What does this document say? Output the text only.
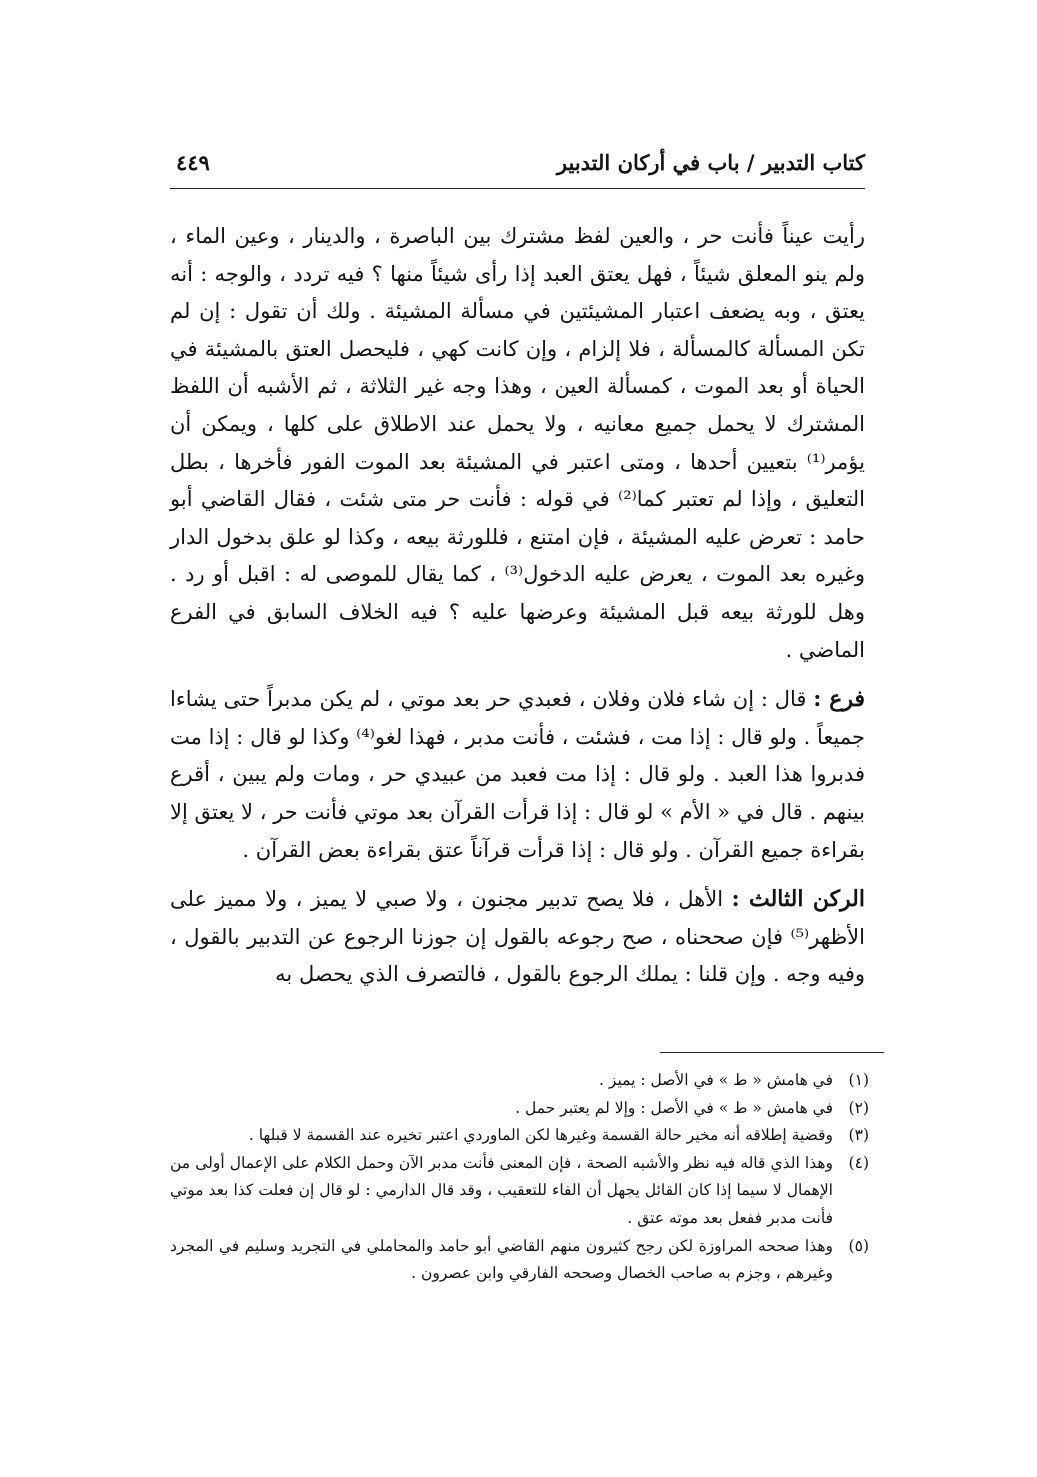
كتاب التدبير / باب في أركان التدبير
٤٤٩

رأيت عيناً فأنت حر ، والعين لفظ مشترك بين الباصرة ، والدينار ، وعين الماء ، ولم ينو المعلق شيئاً ، فهل يعتق العبد إذا رأى شيئاً منها ؟ فيه تردد ، والوجه : أنه يعتق ، وبه يضعف اعتبار المشيئتين في مسألة المشيئة . ولك أن تقول : إن لم تكن المسألة كالمسألة ، فلا إلزام ، وإن كانت كهي ، فليحصل العتق بالمشيئة في الحياة أو بعد الموت ، كمسألة العين ، وهذا وجه غير الثلاثة ، ثم الأشبه أن اللفظ المشترك لا يحمل جميع معانيه ، ولا يحمل عند الاطلاق على كلها ، ويمكن أن يؤمر⁽¹⁾ بتعيين أحدها ، ومتى اعتبر في المشيئة بعد الموت الفور فأخرها ، بطل التعليق ، وإذا لم تعتبر كما⁽²⁾ في قوله : فأنت حر متى شئت ، فقال القاضي أبو حامد : تعرض عليه المشيئة ، فإن امتنع ، فللورثة بيعه ، وكذا لو علق بدخول الدار وغيره بعد الموت ، يعرض عليه الدخول⁽³⁾ ، كما يقال للموصى له : اقبل أو رد . وهل للورثة بيعه قبل المشيئة وعرضها عليه ؟ فيه الخلاف السابق في الفرع الماضي .

فرع : قال : إن شاء فلان وفلان ، فعبدي حر بعد موتي ، لم يكن مدبراً حتى يشاءا جميعاً . ولو قال : إذا مت ، فشئت ، فأنت مدبر ، فهذا لغو⁽⁴⁾ وكذا لو قال : إذا مت فدبروا هذا العبد . ولو قال : إذا مت فعبد من عبيدي حر ، ومات ولم يبين ، أقرع بينهم . قال في « الأم » لو قال : إذا قرأت القرآن بعد موتي فأنت حر ، لا يعتق إلا بقراءة جميع القرآن . ولو قال : إذا قرأت قرآناً عتق بقراءة بعض القرآن .

الركن الثالث : الأهل ، فلا يصح تدبير مجنون ، ولا صبي لا يميز ، ولا مميز على الأظهر⁽⁵⁾ فإن صححناه ، صح رجوعه بالقول إن جوزنا الرجوع عن التدبير بالقول ، وفيه وجه . وإن قلنا : يملك الرجوع بالقول ، فالتصرف الذي يحصل به

(١)
في هامش « ط » في الأصل : يميز .
(٢)
في هامش « ط » في الأصل : وإلا لم يعتبر حمل .
(٣)
وقضية إطلاقه أنه مخير حالة القسمة وغيرها لكن الماوردي اعتبر تخيره عند القسمة لا قبلها .
(٤)
وهذا الذي قاله فيه نظر والأشبه الصحة ، فإن المعنى فأنت مدبر الآن وحمل الكلام على الإعمال أولى من الإهمال لا سيما إذا كان القائل يجهل أن الفاء للتعقيب ، وقد قال الدارمي : لو قال إن فعلت كذا بعد موتي فأنت مدبر ففعل بعد موته عتق .
(٥)
وهذا صححه المراوزة لكن رجح كثيرون منهم القاضي أبو حامد والمحاملي في التجريد وسليم في المجرد وغيرهم ، وجزم به صاحب الخصال وصححه الفارقي وابن عصرون .
